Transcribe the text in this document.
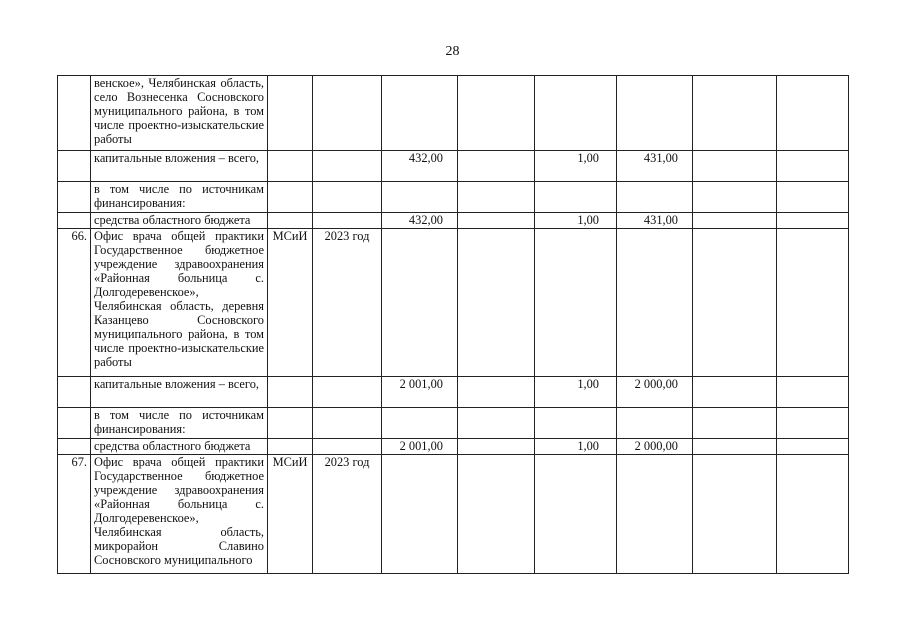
28
	венское», Челябинская область, село Вознесенка Сосновского муниципального района, в том числе проектно-изыскательские работы								
	капитальные вложения – всего,			432,00		1,00	431,00		
	в том числе по источникам финансирования:								
	средства областного бюджета			432,00		1,00	431,00		
66.	Офис врача общей практики Государственное бюджетное учреждение здравоохранения «Районная больница с. Долгодеревенское», Челябинская область, деревня Казанцево Сосновского муниципального района, в том числе проектно-изыскательские работы	МСиИ	2023 год						
	капитальные вложения – всего,			2 001,00		1,00	2 000,00		
	в том числе по источникам финансирования:								
	средства областного бюджета			2 001,00		1,00	2 000,00		
67.	Офис врача общей практики Государственное бюджетное учреждение здравоохранения «Районная больница с. Долгодеревенское», Челябинская область, микрорайон Славино Сосновского муниципального	МСиИ	2023 год						
